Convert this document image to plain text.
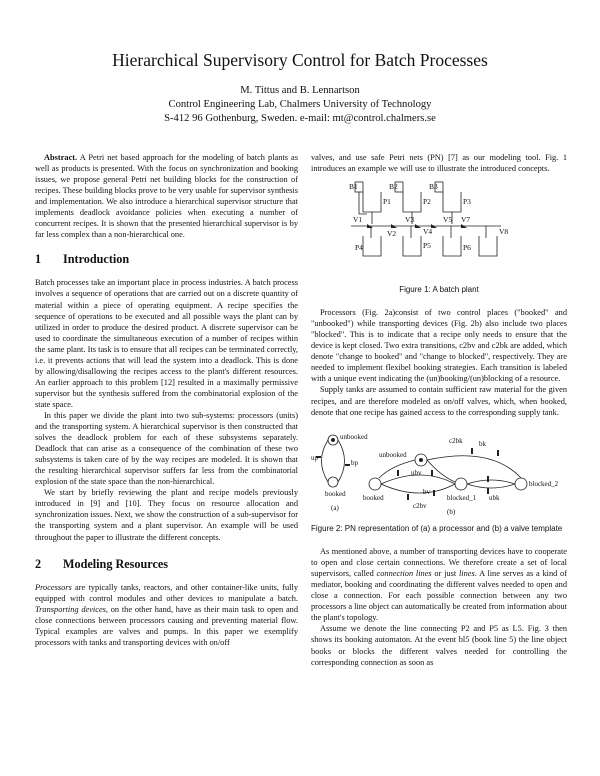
Hierarchical Supervisory Control for Batch Processes
M. Tittus and B. Lennartson
Control Engineering Lab, Chalmers University of Technology
S-412 96 Gothenburg, Sweden. e-mail: mt@control.chalmers.se

Abstract. A Petri net based approach for the modeling of batch plants as well as products is presented. With the focus on synchronization and booking issues, we propose general Petri net building blocks for the construction of recipes. These building blocks prove to be very usable for supervisor synthesis and implementation. We also introduce a hierarchical supervisor structure that implements deadlock avoidance policies when executing a number of concurrent recipes. It is shown that the presented hierarchical supervisor is by far less complex than a non-hierarchical one.

1 Introduction

Batch processes take an important place in process industries. A batch process involves a sequence of operations that are carried out on a discrete quantity of material within a piece of operating equipment. A recipe specifies the sequence of operations to be executed and all possible ways the plant can by utilized in order to produce the desired product. A discrete supervisor can be used to coordinate the simultaneous execution of a number of recipes within the same plant. Its task is to ensure that all recipes can be terminated correctly, i.e. it prevents actions that will lead the system into a deadlock. This is done by allowing/disallowing the recipes access to the plant's different resources. An earlier approach to this problem [12] resulted in a maximally permissive supervisor but the synthesis suffered from the combinatorial explosion of the state space.

In this paper we divide the plant into two sub-systems: processors (units) and the transporting system. A hierarchical supervisor is then constructed that solves the deadlock problem for each of these subsystems separately. Deadlock that can arise as a consequence of the combination of these two subsystems is taken care of by the way recipes are modeled. It is shown that the resulting hierarchical supervisor suffers far less from the combinatorial explosion of the state space than the non-hierarchical.

We start by briefly reviewing the plant and recipe models previously introduced in [9] and [10]. They focus on resource allocation and synchronization issues. Next, we show the construction of a sub-supervisor for the transporting system and a plant supervisor. An example will be used throughout the paper to illustrate the different concepts.

2 Modeling Resources

Processors are typically tanks, reactors, and other container-like units, fully equipped with control modules and other devices to manipulate a batch. Transporting devices, on the other hand, have as their main task to open and close connections between processors causing and preventing material flow. Typical examples are valves and pumps. In this paper we exemplify processors with tanks and transporting devices with on/off

valves, and use safe Petri nets (PN) [7] as our modeling tool. Fig. 1 introduces an example we will use to illustrate the introduced concepts.

B1	B2	B3
P1	P2	P3
V1	V3	V5
V2	V4
V7
V8
P4	P5	P6
Figure 1: A batch plant

Processors (Fig. 2a)consist of two control places ("booked" and "unbooked") while transporting devices (Fig. 2b) also include two places "blocked". This is to indicate that a recipe only needs to ensure that the device is kept closed. Two extra transitions, c2bv and c2bk are added, which denote "change to booked" and "change to blocked", respectively. They are needed to implement flexibel booking strategies. Each transition is labeled with a unique event indicating the (un)booking/(un)blocking of a resource.

Supply tanks are assumed to contain sufficient raw material for the given recipes, and are therefore modeled as on/off valves, which, when booked, denote that one recipe has gained access to the corresponding supply tank.

unbooked
bp
up
booked
(a)
unbooked
c2bk bk
ubv
bv
c2bv
blocked_1 ubk
blocked_2
booked
(b)
Figure 2: PN representation of (a) a processor and (b) a valve template

As mentioned above, a number of transporting devices have to cooperate to open and close certain connections. We therefore create a set of local supervisors, called connection lines or just lines. A line serves as a kind of mediator, booking and coordinating the different valves needed to open and close a connection. For each possible connection between any two processors a line object can automatically be created from information about the plant's topology.

Assume we denote the line connecting P2 and P5 as L5. Fig. 3 then shows its booking automaton. At the event bl5 (book line 5) the line object books or blocks the different valves needed for controlling the corresponding connection as soon as
